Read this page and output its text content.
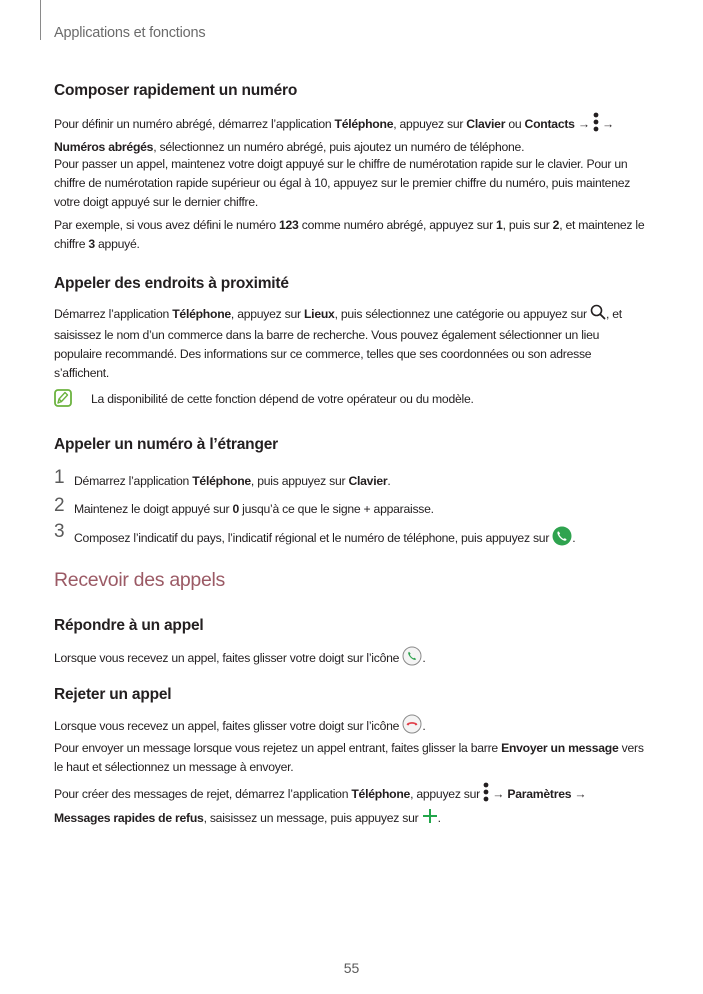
Applications et fonctions
Composer rapidement un numéro

Pour définir un numéro abrégé, démarrez l’application Téléphone, appuyez sur Clavier ou Contacts →  →
Numéros abrégés, sélectionnez un numéro abrégé, puis ajoutez un numéro de téléphone.

Pour passer un appel, maintenez votre doigt appuyé sur le chiffre de numérotation rapide sur le clavier. Pour un chiffre de numérotation rapide supérieur ou égal à 10, appuyez sur le premier chiffre du numéro, puis maintenez votre doigt appuyé sur le dernier chiffre.

Par exemple, si vous avez défini le numéro 123 comme numéro abrégé, appuyez sur 1, puis sur 2, et maintenez le chiffre 3 appuyé.

Appeler des endroits à proximité

Démarrez l’application Téléphone, appuyez sur Lieux, puis sélectionnez une catégorie ou appuyez sur , et saisissez le nom d’un commerce dans la barre de recherche. Vous pouvez également sélectionner un lieu populaire recommandé. Des informations sur ce commerce, telles que ses coordonnées ou son adresse s’affichent.

La disponibilité de cette fonction dépend de votre opérateur ou du modèle.
Appeler un numéro à l’étranger
1 Démarrez l’application Téléphone, puis appuyez sur Clavier.
2 Maintenez le doigt appuyé sur 0 jusqu’à ce que le signe + apparaisse.
3 Composez l’indicatif du pays, l’indicatif régional et le numéro de téléphone, puis appuyez sur .
Recevoir des appels
Répondre à un appel

Lorsque vous recevez un appel, faites glisser votre doigt sur l’icône .

Rejeter un appel

Lorsque vous recevez un appel, faites glisser votre doigt sur l’icône .

Pour envoyer un message lorsque vous rejetez un appel entrant, faites glisser la barre Envoyer un message vers le haut et sélectionnez un message à envoyer.

Pour créer des messages de rejet, démarrez l’application Téléphone, appuyez sur  → Paramètres →
Messages rapides de refus, saisissez un message, puis appuyez sur .

55
